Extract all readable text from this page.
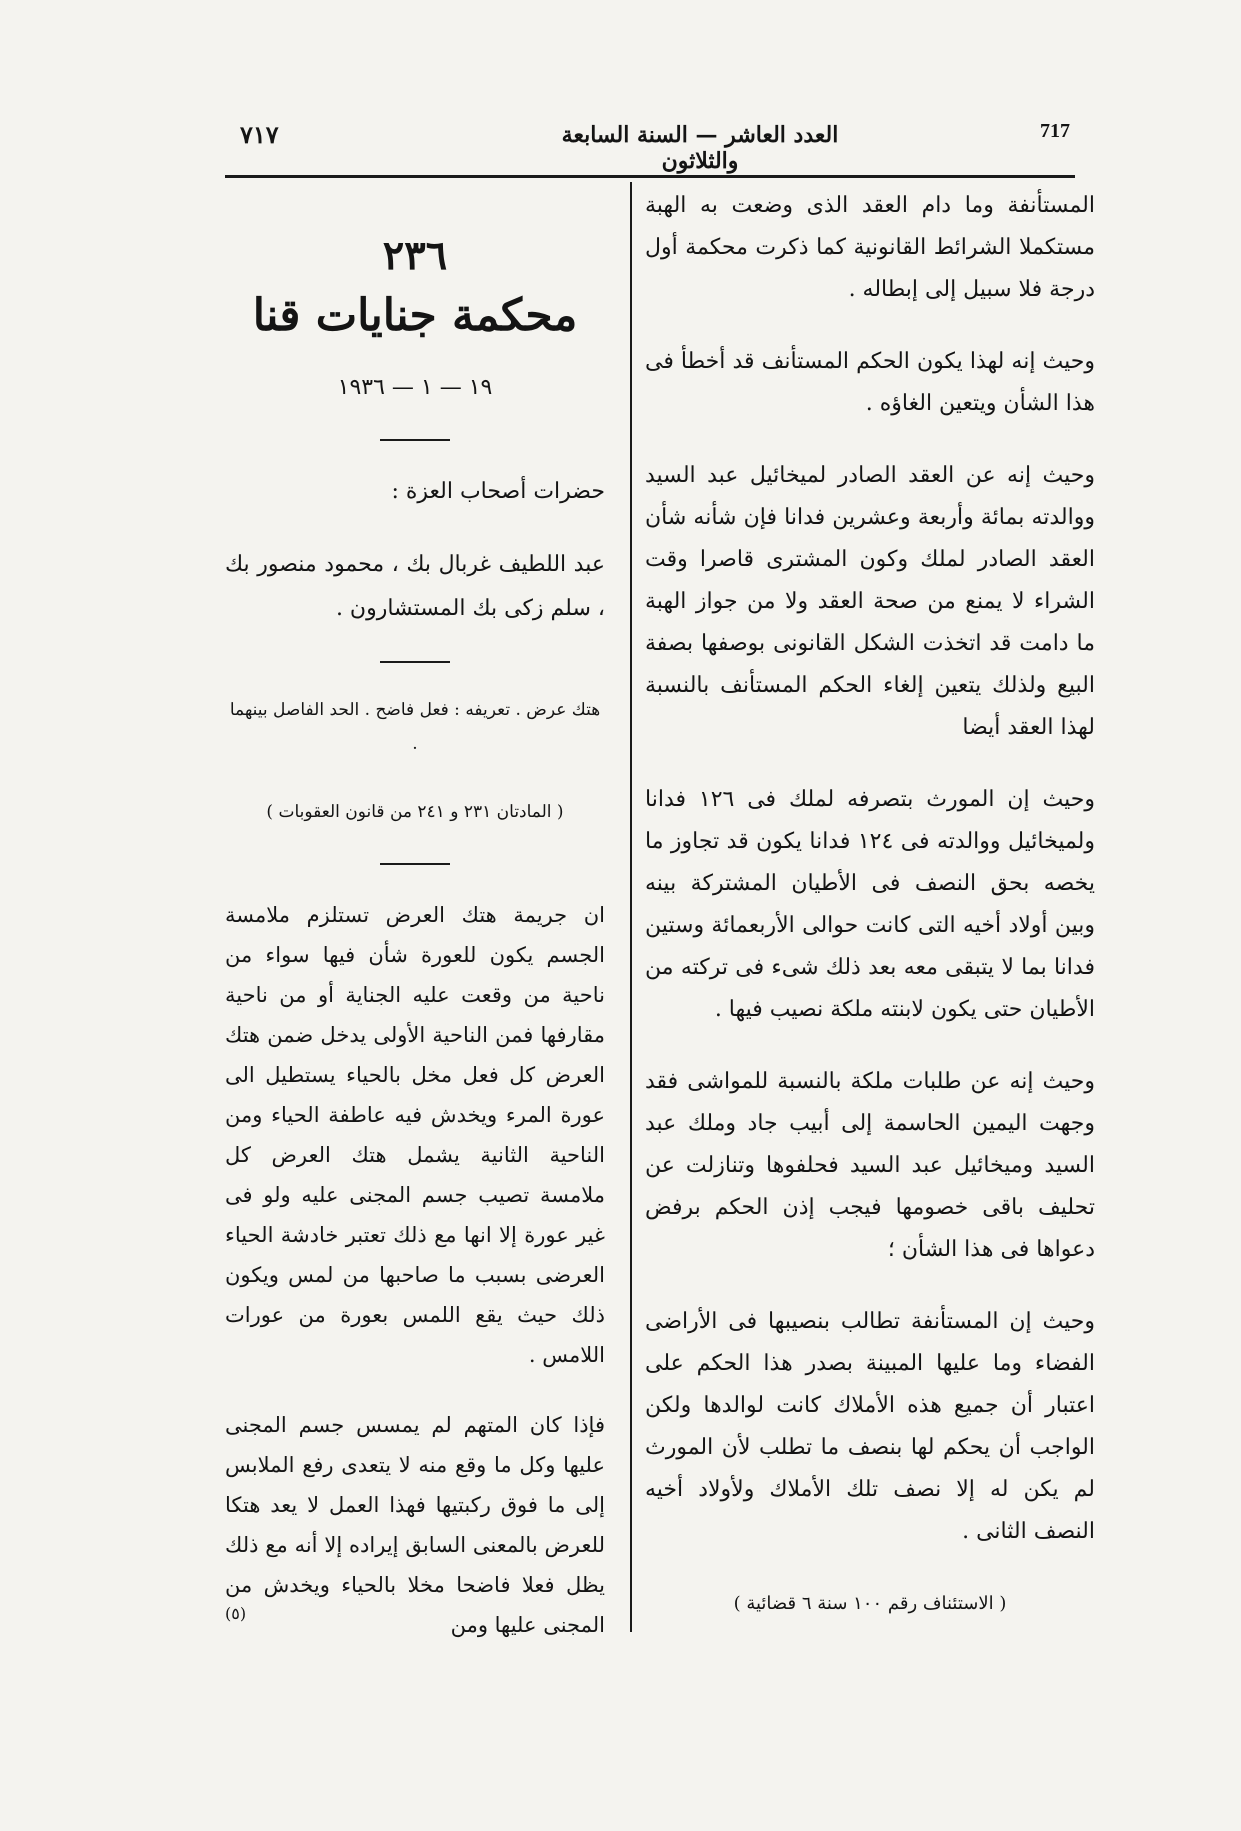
717
العدد العاشر — السنة السابعة والثلاثون
٧١٧

المستأنفة وما دام العقد الذى وضعت به الهبة مستكملا الشرائط القانونية كما ذكرت محكمة أول درجة فلا سبيل إلى إبطاله .

وحيث إنه لهذا يكون الحكم المستأنف قد أخطأ فى هذا الشأن ويتعين الغاؤه .

وحيث إنه عن العقد الصادر لميخائيل عبد السيد ووالدته بمائة وأربعة وعشرين فدانا فإن شأنه شأن العقد الصادر لملك وكون المشترى قاصرا وقت الشراء لا يمنع من صحة العقد ولا من جواز الهبة ما دامت قد اتخذت الشكل القانونى بوصفها بصفة البيع ولذلك يتعين إلغاء الحكم المستأنف بالنسبة لهذا العقد أيضا

وحيث إن المورث بتصرفه لملك فى ١٢٦ فدانا ولميخائيل ووالدته فى ١٢٤ فدانا يكون قد تجاوز ما يخصه بحق النصف فى الأطيان المشتركة بينه وبين أولاد أخيه التى كانت حوالى الأربعمائة وستين فدانا بما لا يتبقى معه بعد ذلك شىء فى تركته من الأطيان حتى يكون لابنته ملكة نصيب فيها .

وحيث إنه عن طلبات ملكة بالنسبة للمواشى فقد وجهت اليمين الحاسمة إلى أبيب جاد وملك عبد السيد وميخائيل عبد السيد فحلفوها وتنازلت عن تحليف باقى خصومها فيجب إذن الحكم برفض دعواها فى هذا الشأن ؛

وحيث إن المستأنفة تطالب بنصيبها فى الأراضى الفضاء وما عليها المبينة بصدر هذا الحكم على اعتبار أن جميع هذه الأملاك كانت لوالدها ولكن الواجب أن يحكم لها بنصف ما تطلب لأن المورث لم يكن له إلا نصف تلك الأملاك ولأولاد أخيه النصف الثانى .

( الاستئناف رقم ١٠٠ سنة ٦ قضائية )
٢٣٦
محكمة جنايات قنا
١٩ — ١ — ١٩٣٦

حضرات أصحاب العزة :

عبد اللطيف غربال بك ، محمود منصور بك ، سلم زكى بك المستشارون .

هتك عرض . تعريفه : فعل فاضح . الحد الفاصل بينهما .

( المادتان ٢٣١ و ٢٤١ من قانون العقوبات )

ان جريمة هتك العرض تستلزم ملامسة الجسم يكون للعورة شأن فيها سواء من ناحية من وقعت عليه الجناية أو من ناحية مقارفها فمن الناحية الأولى يدخل ضمن هتك العرض كل فعل مخل بالحياء يستطيل الى عورة المرء ويخدش فيه عاطفة الحياء ومن الناحية الثانية يشمل هتك العرض كل ملامسة تصيب جسم المجنى عليه ولو فى غير عورة إلا انها مع ذلك تعتبر خادشة الحياء العرضى بسبب ما صاحبها من لمس ويكون ذلك حيث يقع اللمس بعورة من عورات اللامس .

فإذا كان المتهم لم يمسس جسم المجنى عليها وكل ما وقع منه لا يتعدى رفع الملابس إلى ما فوق ركبتيها فهذا العمل لا يعد هتكا للعرض بالمعنى السابق إيراده إلا أنه مع ذلك يظل فعلا فاضحا مخلا بالحياء ويخدش من المجنى عليها ومن

(٥)
